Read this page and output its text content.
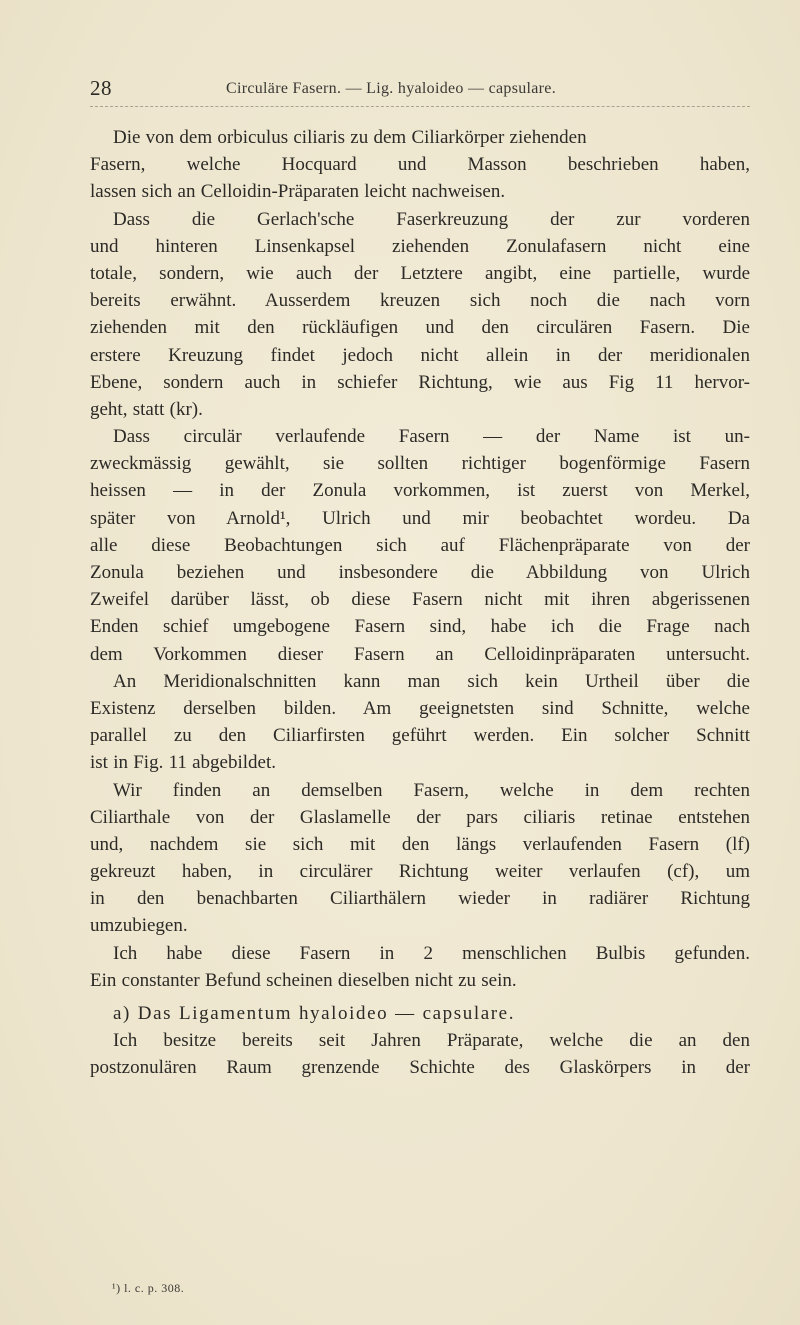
28	Circuläre Fasern. — Lig. hyaloideo — capsulare.
Die von dem orbiculus ciliaris zu dem Ciliarkörper ziehenden
Fasern, welche Hocquard und Masson beschrieben haben,
lassen sich an Celloidin-Präparaten leicht nachweisen.
Dass die Gerlach'sche Faserkreuzung der zur vorderen
und hinteren Linsenkapsel ziehenden Zonulafasern nicht eine
totale, sondern, wie auch der Letztere angibt, eine partielle, wurde
bereits erwähnt. Ausserdem kreuzen sich noch die nach vorn
ziehenden mit den rückläufigen und den circulären Fasern. Die
erstere Kreuzung findet jedoch nicht allein in der meridionalen
Ebene, sondern auch in schiefer Richtung, wie aus Fig 11 hervor-
geht, statt (kr).
Dass circulär verlaufende Fasern — der Name ist un-
zweckmässig gewählt, sie sollten richtiger bogenförmige Fasern
heissen — in der Zonula vorkommen, ist zuerst von Merkel,
später von Arnold¹, Ulrich und mir beobachtet wordeu. Da
alle diese Beobachtungen sich auf Flächenpräparate von der
Zonula beziehen und insbesondere die Abbildung von Ulrich
Zweifel darüber lässt, ob diese Fasern nicht mit ihren abgerissenen
Enden schief umgebogene Fasern sind, habe ich die Frage nach
dem Vorkommen dieser Fasern an Celloidinpräparaten untersucht.
An Meridionalschnitten kann man sich kein Urtheil über die
Existenz derselben bilden. Am geeignetsten sind Schnitte, welche
parallel zu den Ciliarfirsten geführt werden. Ein solcher Schnitt
ist in Fig. 11 abgebildet.
Wir finden an demselben Fasern, welche in dem rechten
Ciliarthale von der Glaslamelle der pars ciliaris retinae entstehen
und, nachdem sie sich mit den längs verlaufenden Fasern (lf)
gekreuzt haben, in circulärer Richtung weiter verlaufen (cf), um
in den benachbarten Ciliarthälern wieder in radiärer Richtung
umzubiegen.
Ich habe diese Fasern in 2 menschlichen Bulbis gefunden.
Ein constanter Befund scheinen dieselben nicht zu sein.
a) Das Ligamentum hyaloideo — capsulare.
Ich besitze bereits seit Jahren Präparate, welche die an den
postzonulären Raum grenzende Schichte des Glaskörpers in der
¹) l. c. p. 308.
